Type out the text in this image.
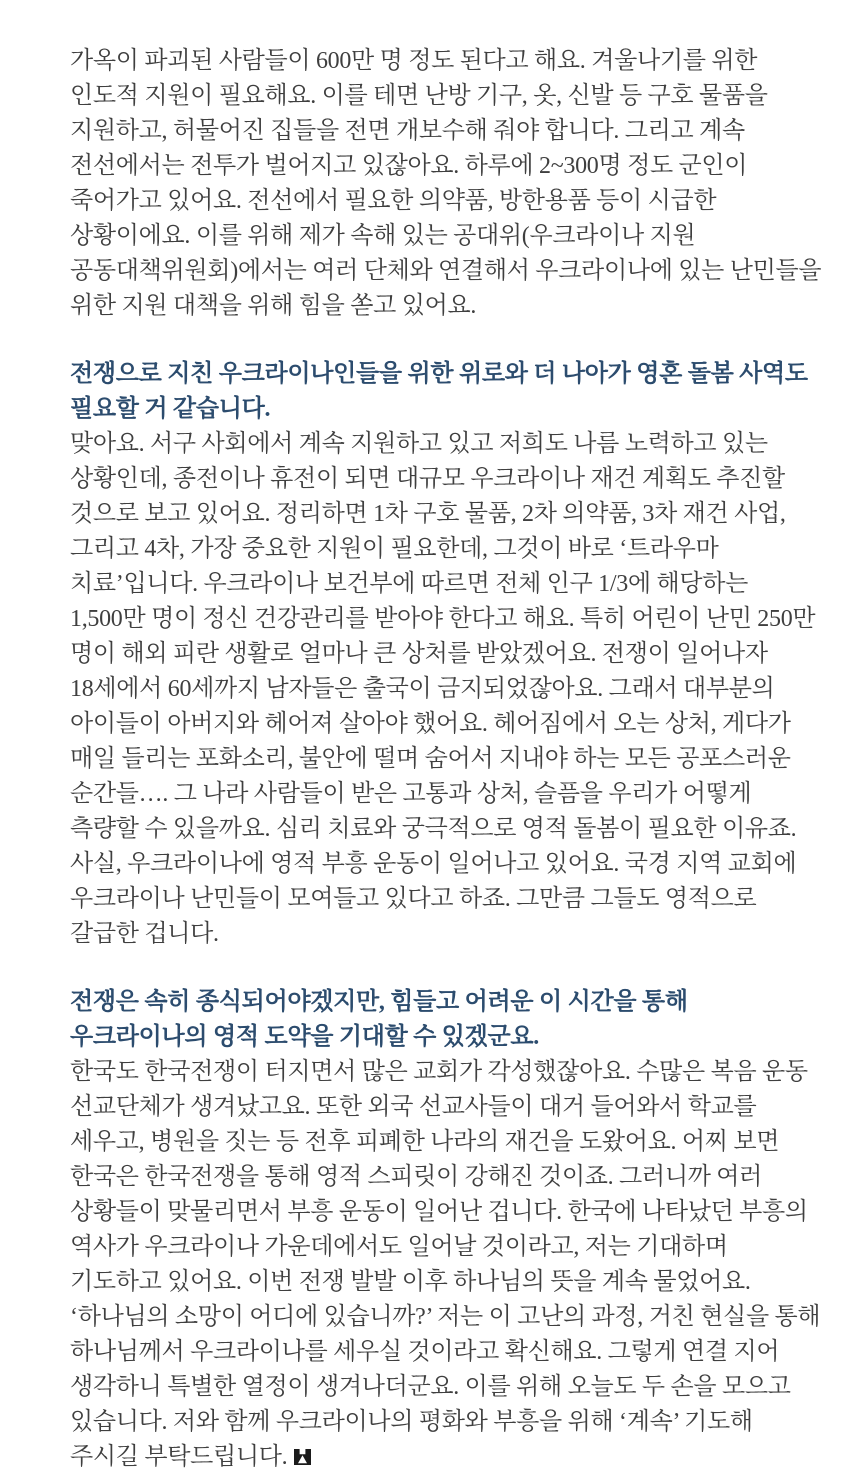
가옥이 파괴된 사람들이 600만 명 정도 된다고 해요. 겨울나기를 위한 인도적 지원이 필요해요. 이를 테면 난방 기구, 옷, 신발 등 구호 물품을 지원하고, 허물어진 집들을 전면 개보수해 줘야 합니다. 그리고 계속 전선에서는 전투가 벌어지고 있잖아요. 하루에 2~300명 정도 군인이 죽어가고 있어요. 전선에서 필요한 의약품, 방한용품 등이 시급한 상황이에요. 이를 위해 제가 속해 있는 공대위(우크라이나 지원 공동대책위원회)에서는 여러 단체와 연결해서 우크라이나에 있는 난민들을 위한 지원 대책을 위해 힘을 쏟고 있어요.

전쟁으로 지친 우크라이나인들을 위한 위로와 더 나아가 영혼 돌봄 사역도 필요할 거 같습니다.

맞아요. 서구 사회에서 계속 지원하고 있고 저희도 나름 노력하고 있는 상황인데, 종전이나 휴전이 되면 대규모 우크라이나 재건 계획도 추진할 것으로 보고 있어요. 정리하면 1차 구호 물품, 2차 의약품, 3차 재건 사업, 그리고 4차, 가장 중요한 지원이 필요한데, 그것이 바로 ‘트라우마 치료’입니다. 우크라이나 보건부에 따르면 전체 인구 1/3에 해당하는 1,500만 명이 정신 건강관리를 받아야 한다고 해요. 특히 어린이 난민 250만 명이 해외 피란 생활로 얼마나 큰 상처를 받았겠어요. 전쟁이 일어나자 18세에서 60세까지 남자들은 출국이 금지되었잖아요. 그래서 대부분의 아이들이 아버지와 헤어져 살아야 했어요. 헤어짐에서 오는 상처, 게다가 매일 들리는 포화소리, 불안에 떨며 숨어서 지내야 하는 모든 공포스러운 순간들…. 그 나라 사람들이 받은 고통과 상처, 슬픔을 우리가 어떻게 측량할 수 있을까요. 심리 치료와 궁극적으로 영적 돌봄이 필요한 이유죠. 사실, 우크라이나에 영적 부흥 운동이 일어나고 있어요. 국경 지역 교회에 우크라이나 난민들이 모여들고 있다고 하죠. 그만큼 그들도 영적으로 갈급한 겁니다.

전쟁은 속히 종식되어야겠지만, 힘들고 어려운 이 시간을 통해 우크라이나의 영적 도약을 기대할 수 있겠군요.

한국도 한국전쟁이 터지면서 많은 교회가 각성했잖아요. 수많은 복음 운동 선교단체가 생겨났고요. 또한 외국 선교사들이 대거 들어와서 학교를 세우고, 병원을 짓는 등 전후 피폐한 나라의 재건을 도왔어요. 어찌 보면 한국은 한국전쟁을 통해 영적 스피릿이 강해진 것이죠. 그러니까 여러 상황들이 맞물리면서 부흥 운동이 일어난 겁니다. 한국에 나타났던 부흥의 역사가 우크라이나 가운데에서도 일어날 것이라고, 저는 기대하며 기도하고 있어요. 이번 전쟁 발발 이후 하나님의 뜻을 계속 물었어요. ‘하나님의 소망이 어디에 있습니까?’ 저는 이 고난의 과정, 거친 현실을 통해 하나님께서 우크라이나를 세우실 것이라고 확신해요. 그렇게 연결 지어 생각하니 특별한 열정이 생겨나더군요. 이를 위해 오늘도 두 손을 모으고 있습니다. 저와 함께 우크라이나의 평화와 부흥을 위해 ‘계속’ 기도해 주시길 부탁드립니다.
